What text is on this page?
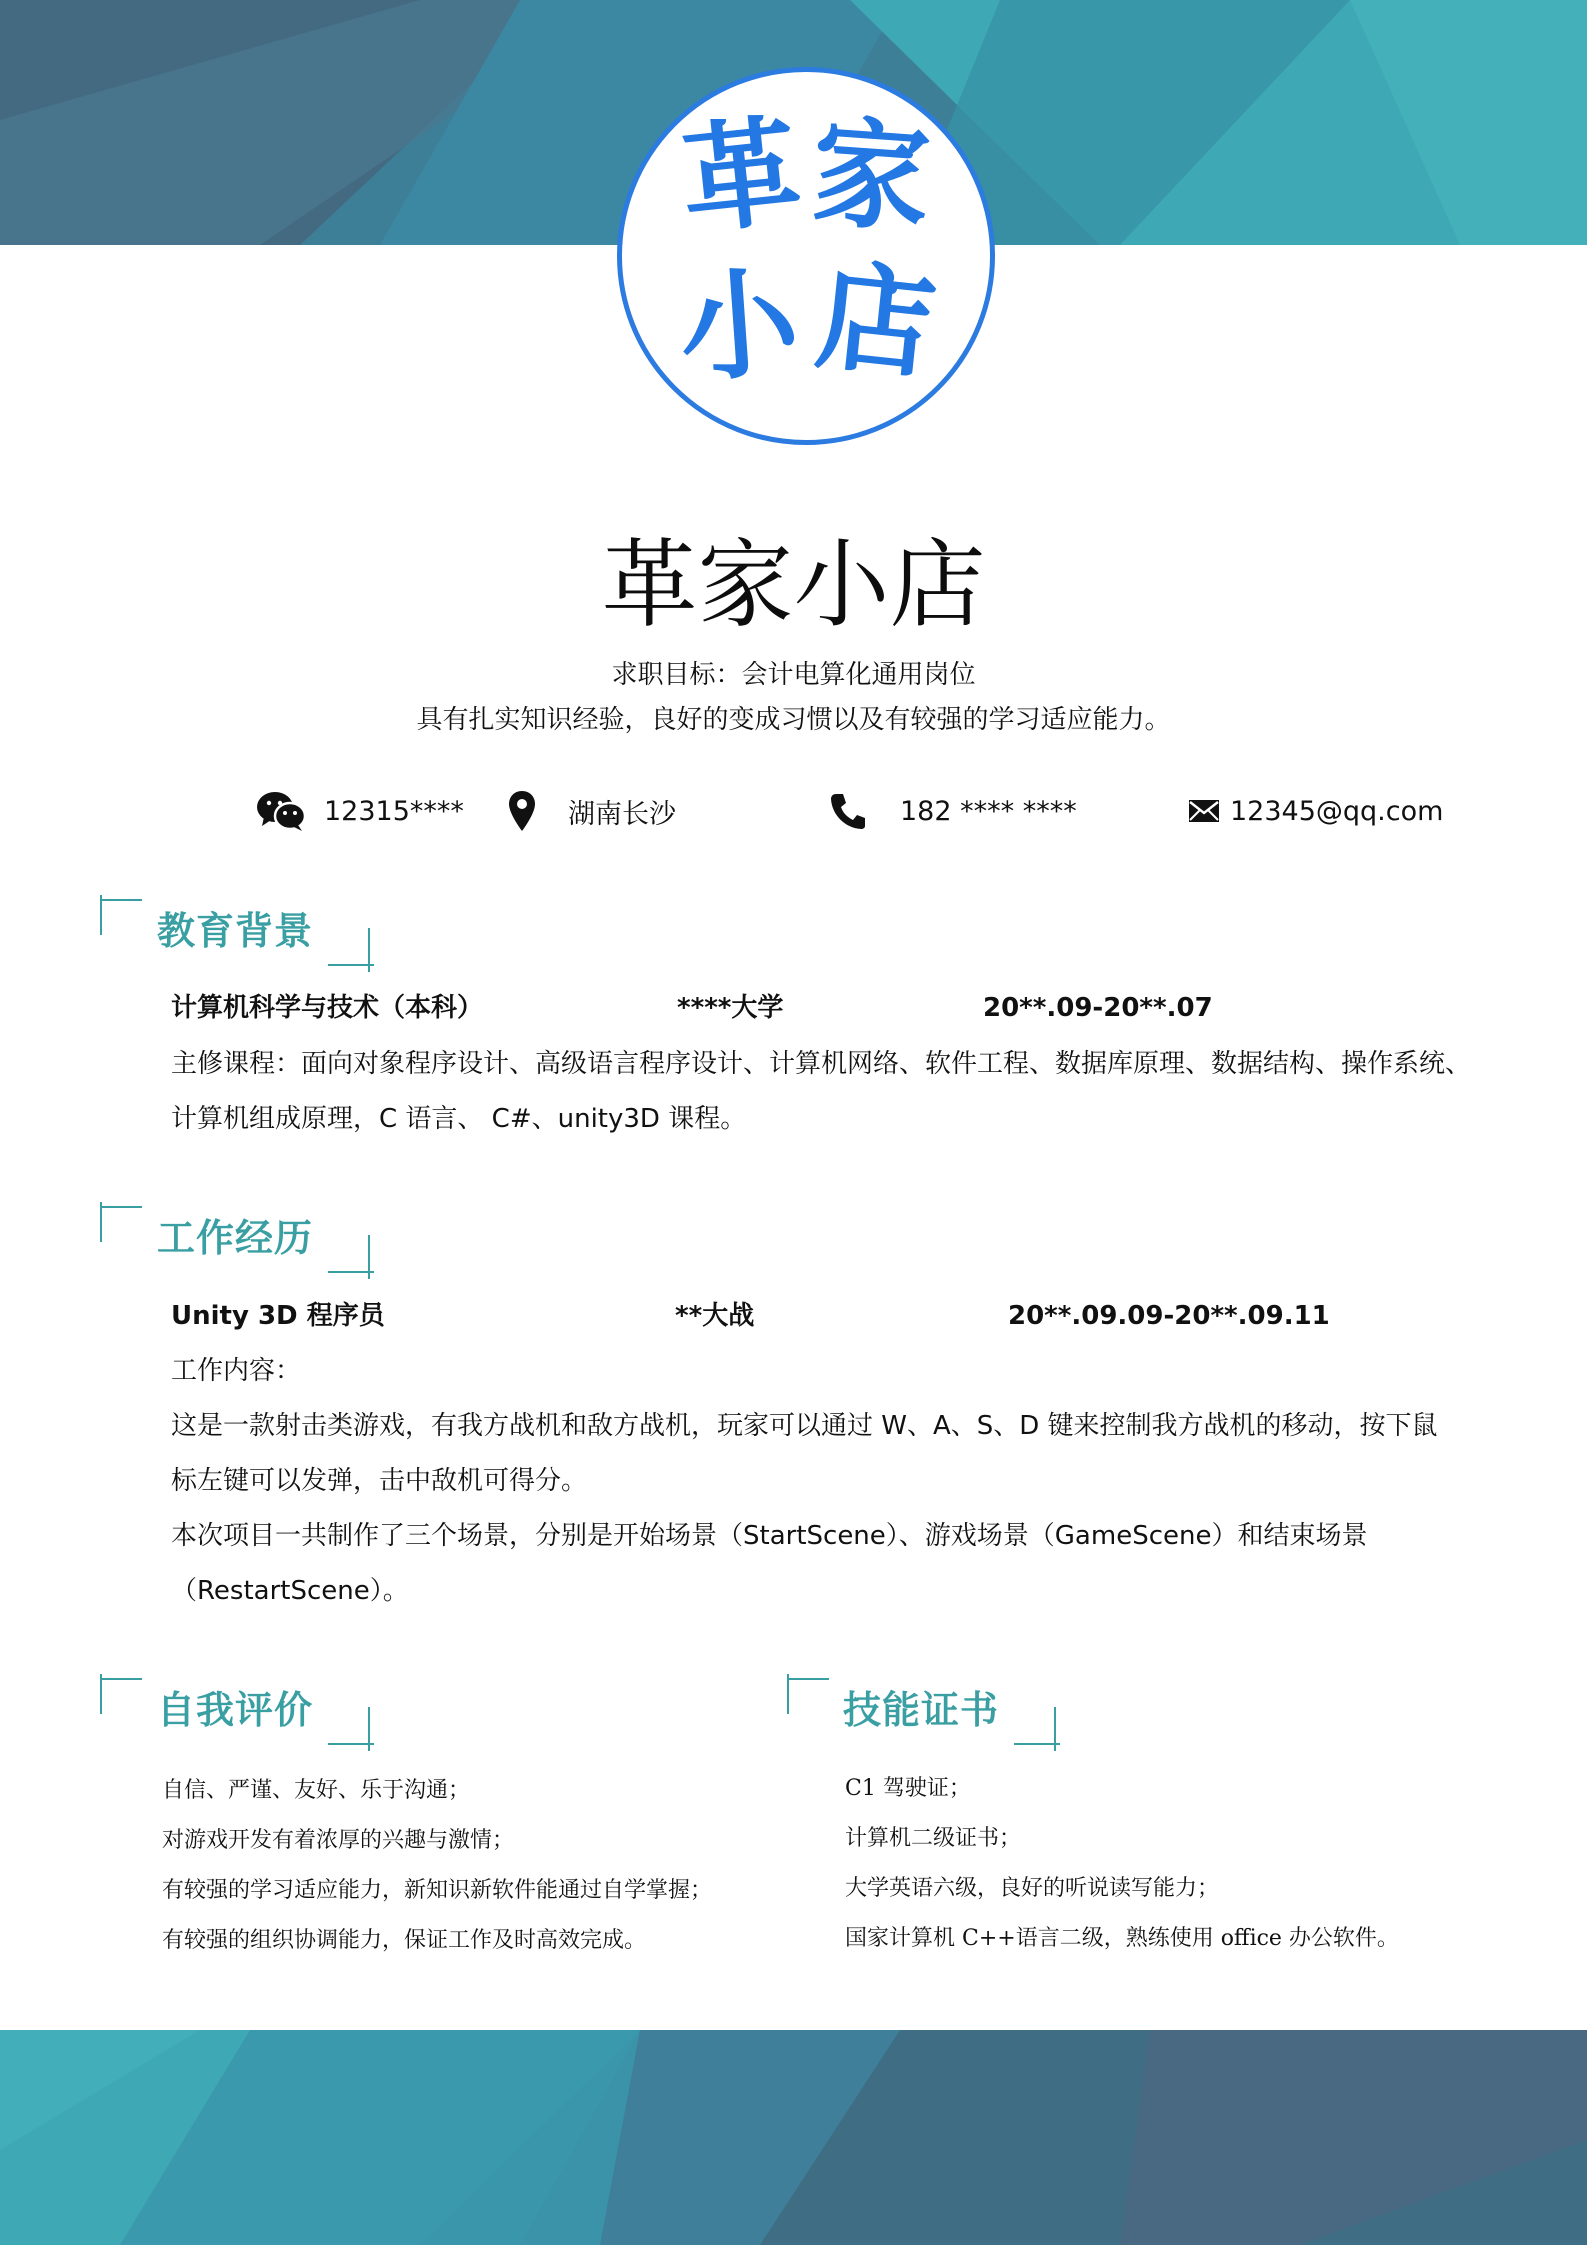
革 家
小 店
革家小店
求职目标：会计电算化通用岗位
具有扎实知识经验，良好的变成习惯以及有较强的学习适应能力。
12315****	湖南长沙	182 **** ****	12345@qq.com
教育背景
计算机科学与技术（本科）	****大学	20**.09-20**.07
主修课程：面向对象程序设计、高级语言程序设计、计算机网络、软件工程、数据库原理、数据结构、操作系统、
计算机组成原理，C 语言、 C#、unity3D 课程。
工作经历
Unity 3D 程序员	**大战	20**.09.09-20**.09.11
工作内容：
这是一款射击类游戏，有我方战机和敌方战机，玩家可以通过 W、A、S、D 键来控制我方战机的移动，按下鼠
标左键可以发弹，击中敌机可得分。
本次项目一共制作了三个场景，分别是开始场景（StartScene）、游戏场景（GameScene）和结束场景
（RestartScene）。
自我评价
自信、严谨、友好、乐于沟通；
对游戏开发有着浓厚的兴趣与激情；
有较强的学习适应能力，新知识新软件能通过自学掌握；
有较强的组织协调能力，保证工作及时高效完成。
技能证书
C1 驾驶证；
计算机二级证书；
大学英语六级，良好的听说读写能力；
国家计算机 C++语言二级，熟练使用 office 办公软件。
